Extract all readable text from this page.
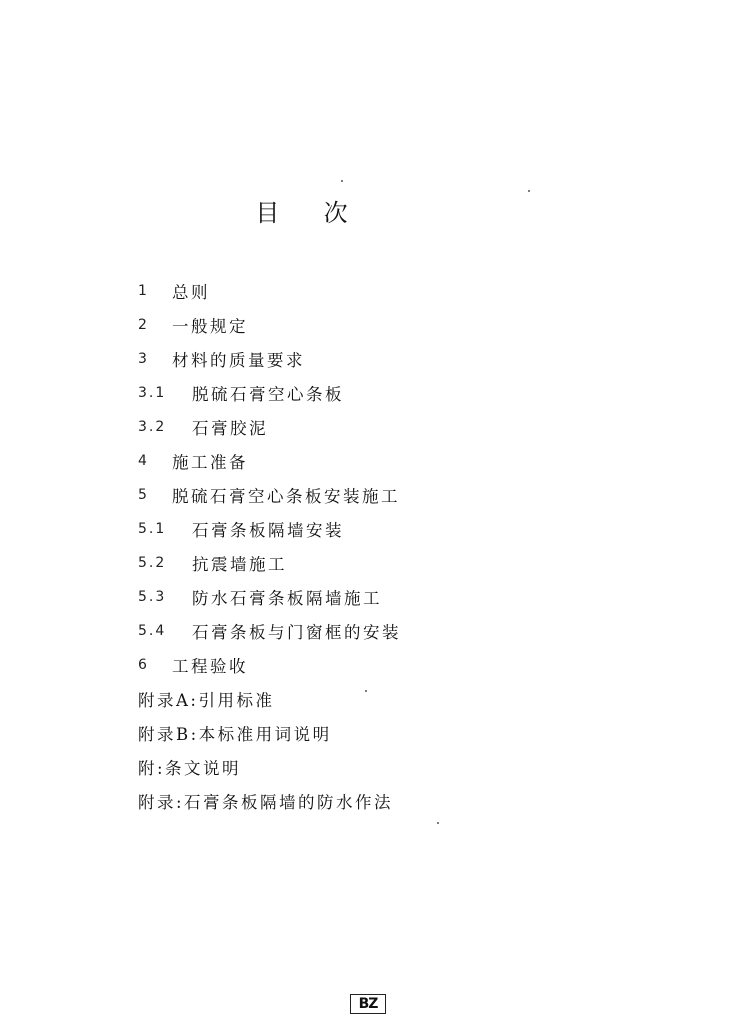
目     次
1	总则
2	一般规定
3	材料的质量要求
3.1	脱硫石膏空心条板
3.2	石膏胶泥
4	施工准备
5	脱硫石膏空心条板安装施工
5.1	石膏条板隔墙安装
5.2	抗震墙施工
5.3	防水石膏条板隔墙施工
5.4	石膏条板与门窗框的安装
6	工程验收
附录A:引用标准
附录B:本标准用词说明
附:条文说明
附录:石膏条板隔墙的防水作法
BZ
